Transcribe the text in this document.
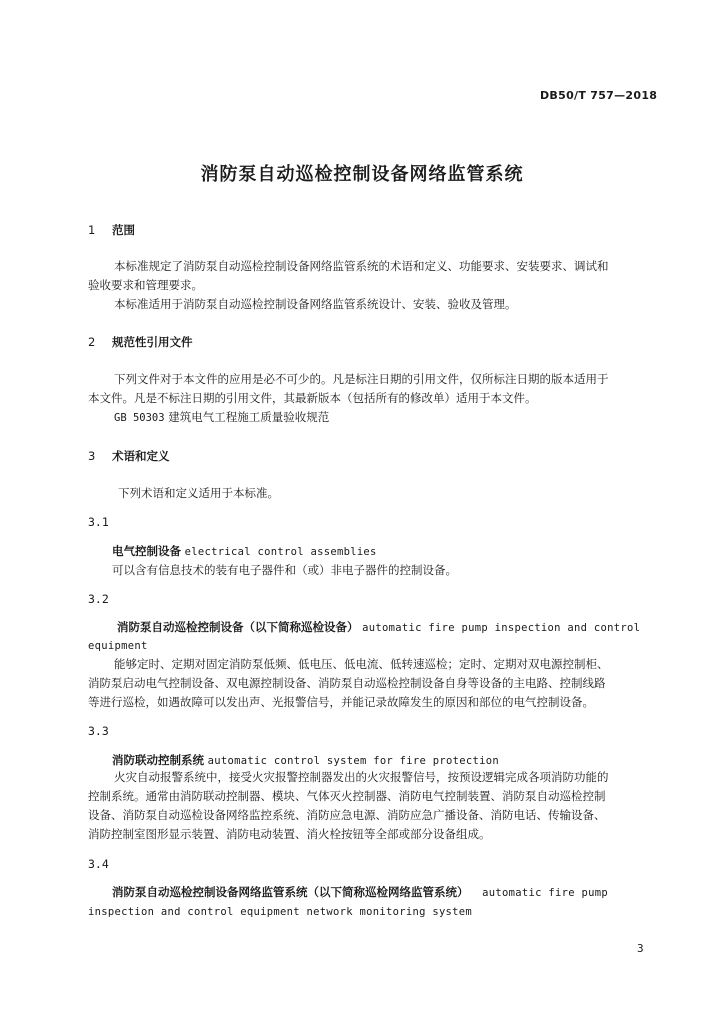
DB50/T 757—2018
消防泵自动巡检控制设备网络监管系统
1 范围

本标准规定了消防泵自动巡检控制设备网络监管系统的术语和定义、功能要求、安装要求、调试和

验收要求和管理要求。

本标准适用于消防泵自动巡检控制设备网络监管系统设计、安装、验收及管理。

2 规范性引用文件

下列文件对于本文件的应用是必不可少的。凡是标注日期的引用文件，仅所标注日期的版本适用于

本文件。凡是不标注日期的引用文件，其最新版本（包括所有的修改单）适用于本文件。

GB 50303 建筑电气工程施工质量验收规范
3 术语和定义

下列术语和定义适用于本标准。

3.1
电气控制设备 electrical control assemblies

可以含有信息技术的装有电子器件和（或）非电子器件的控制设备。

3.2
消防泵自动巡检控制设备（以下简称巡检设备） automatic fire pump inspection and control
equipment

能够定时、定期对固定消防泵低频、低电压、低电流、低转速巡检；定时、定期对双电源控制柜、

消防泵启动电气控制设备、双电源控制设备、消防泵自动巡检控制设备自身等设备的主电路、控制线路

等进行巡检，如遇故障可以发出声、光报警信号，并能记录故障发生的原因和部位的电气控制设备。

3.3
消防联动控制系统 automatic control system for fire protection

火灾自动报警系统中，接受火灾报警控制器发出的火灾报警信号，按预设逻辑完成各项消防功能的

控制系统。通常由消防联动控制器、模块、气体灭火控制器、消防电气控制装置、消防泵自动巡检控制

设备、消防泵自动巡检设备网络监控系统、消防应急电源、消防应急广播设备、消防电话、传输设备、

消防控制室图形显示装置、消防电动装置、消火栓按钮等全部或部分设备组成。

3.4
消防泵自动巡检控制设备网络监管系统（以下简称巡检网络监管系统） automatic fire pump
inspection and control equipment network monitoring system
3
